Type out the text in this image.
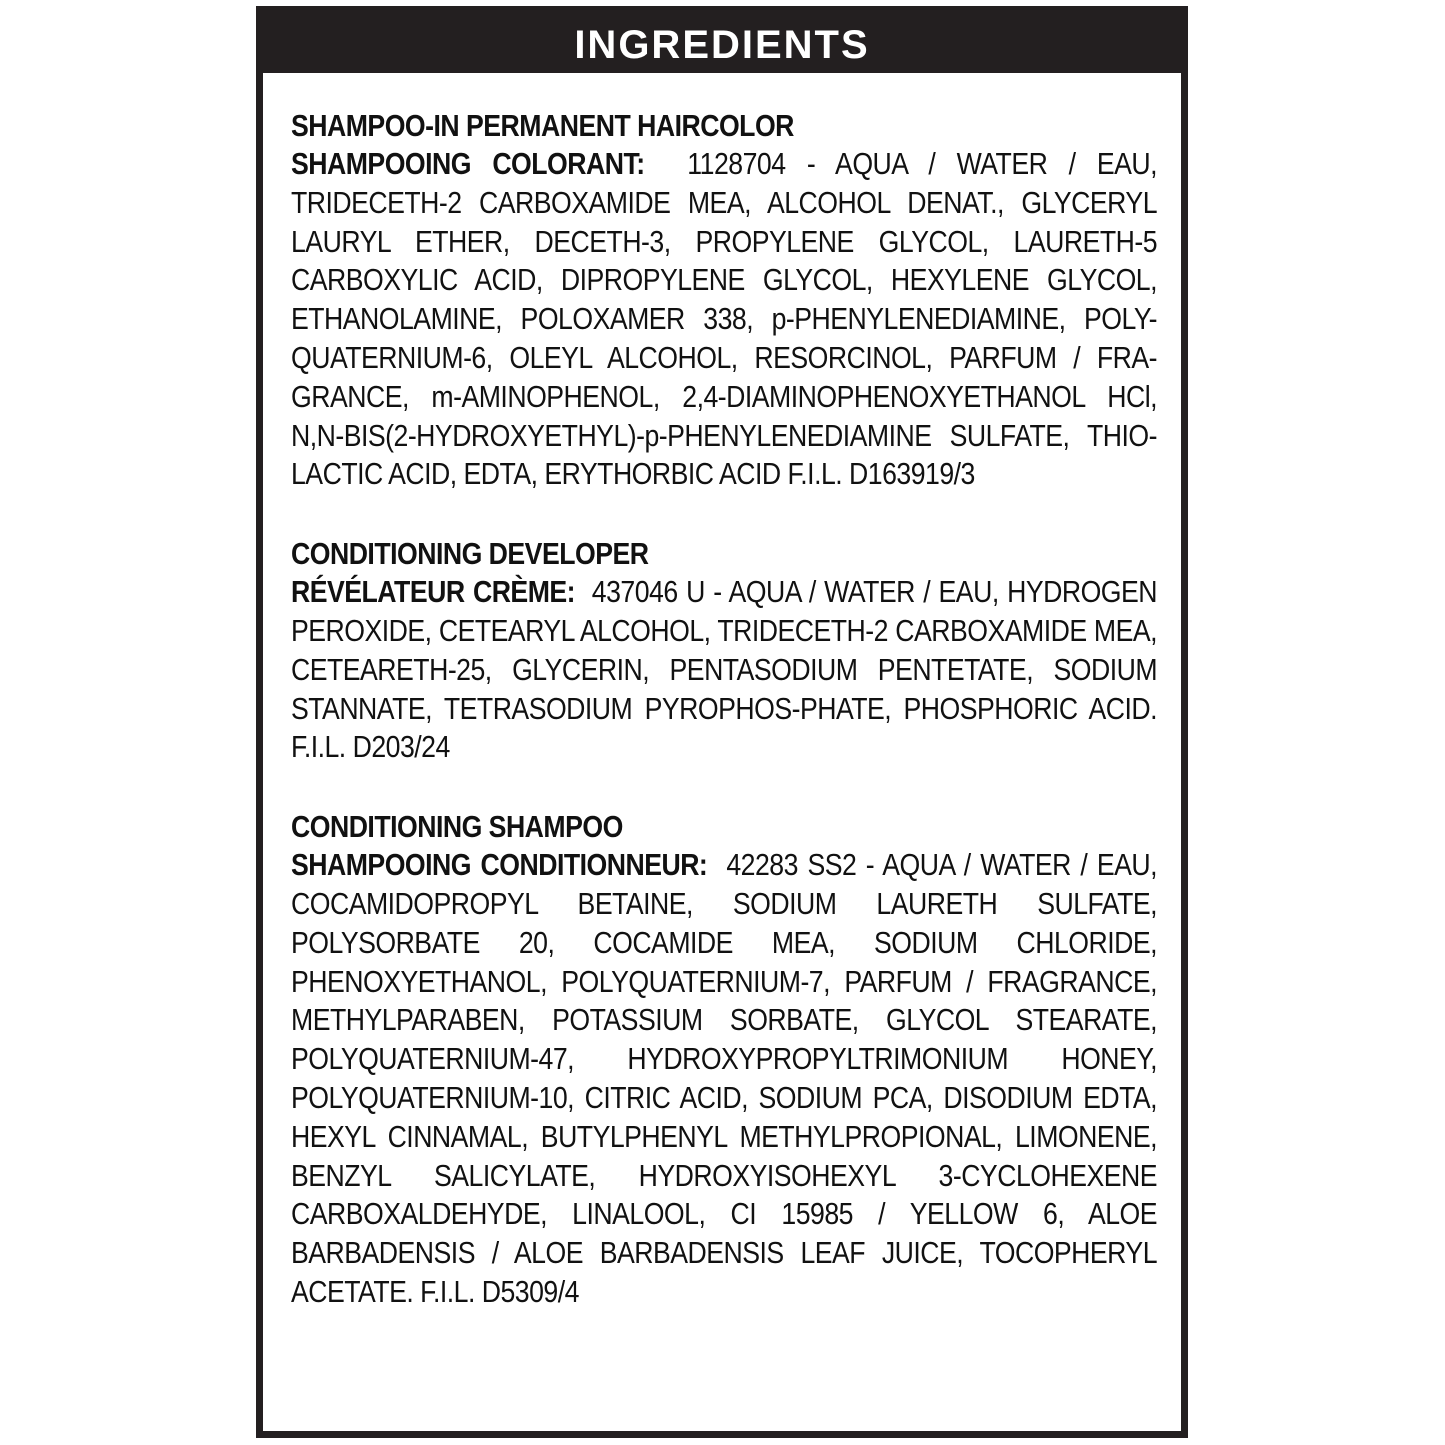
INGREDIENTS
SHAMPOO-IN PERMANENT HAIRCOLOR
SHAMPOOING COLORANT: 1128704 - AQUA / WATER / EAU, TRIDECETH-2 CARBOXAMIDE MEA, ALCOHOL DENAT., GLYCERYL LAURYL ETHER, DECETH-3, PROPYLENE GLYCOL, LAURETH-5 CARBOXYLIC ACID, DIPROPYLENE GLYCOL, HEXYLENE GLYCOL, ETHANOLAMINE, POLOXAMER 338, p-PHENYLENEDIAMINE, POLY-QUATERNIUM-6, OLEYL ALCOHOL, RESORCINOL, PARFUM / FRA-GRANCE, m-AMINOPHENOL, 2,4-DIAMINOPHENOXYETHANOL HCl, N,N-BIS(2-HYDROXYETHYL)-p-PHENYLENEDIAMINE SULFATE, THIO-LACTIC ACID, EDTA, ERYTHORBIC ACID F.I.L. D163919/3
CONDITIONING DEVELOPER
RÉVÉLATEUR CRÈME: 437046 U - AQUA / WATER / EAU, HYDROGEN PEROXIDE, CETEARYL ALCOHOL, TRIDECETH-2 CARBOXAMIDE MEA, CETEARETH-25, GLYCERIN, PENTASODIUM PENTETATE, SODIUM STANNATE, TETRASODIUM PYROPHOS-PHATE, PHOSPHORIC ACID. F.I.L. D203/24
CONDITIONING SHAMPOO
SHAMPOOING CONDITIONNEUR: 42283 SS2 - AQUA / WATER / EAU, COCAMIDOPROPYL BETAINE, SODIUM LAURETH SULFATE, POLYSORBATE 20, COCAMIDE MEA, SODIUM CHLORIDE, PHENOXYETHANOL, POLYQUATERNIUM-7, PARFUM / FRAGRANCE, METHYLPARABEN, POTASSIUM SORBATE, GLYCOL STEARATE, POLYQUATERNIUM-47, HYDROXYPROPYLTRIMONIUM HONEY, POLYQUATERNIUM-10, CITRIC ACID, SODIUM PCA, DISODIUM EDTA, HEXYL CINNAMAL, BUTYLPHENYL METHYLPROPIONAL, LIMONENE, BENZYL SALICYLATE, HYDROXYISOHEXYL 3-CYCLOHEXENE CARBOXALDEHYDE, LINALOOL, CI 15985 / YELLOW 6, ALOE BARBADENSIS / ALOE BARBADENSIS LEAF JUICE, TOCOPHERYL ACETATE. F.I.L. D5309/4
